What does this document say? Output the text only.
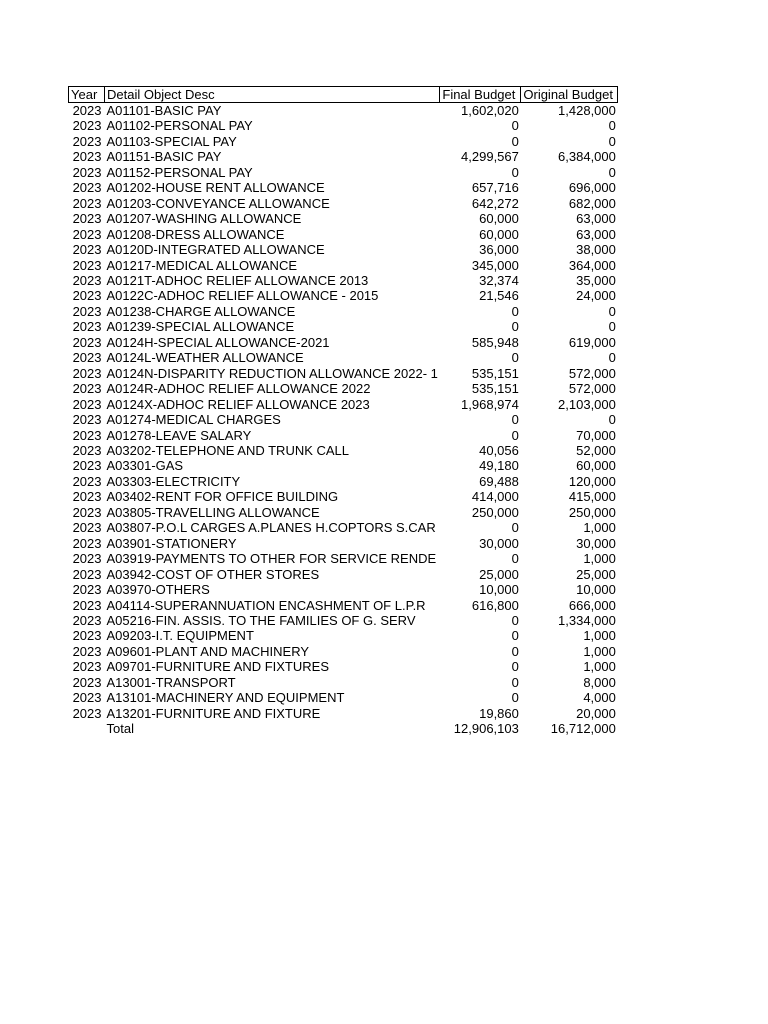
Year	Detail Object Desc	Final Budget	Original Budget
2023	A01101-BASIC PAY	1,602,020	1,428,000
2023	A01102-PERSONAL PAY	0	0
2023	A01103-SPECIAL PAY	0	0
2023	A01151-BASIC PAY	4,299,567	6,384,000
2023	A01152-PERSONAL PAY	0	0
2023	A01202-HOUSE RENT ALLOWANCE	657,716	696,000
2023	A01203-CONVEYANCE ALLOWANCE	642,272	682,000
2023	A01207-WASHING ALLOWANCE	60,000	63,000
2023	A01208-DRESS ALLOWANCE	60,000	63,000
2023	A0120D-INTEGRATED ALLOWANCE	36,000	38,000
2023	A01217-MEDICAL ALLOWANCE	345,000	364,000
2023	A0121T-ADHOC RELIEF ALLOWANCE 2013	32,374	35,000
2023	A0122C-ADHOC RELIEF ALLOWANCE - 2015	21,546	24,000
2023	A01238-CHARGE ALLOWANCE	0	0
2023	A01239-SPECIAL ALLOWANCE	0	0
2023	A0124H-SPECIAL ALLOWANCE-2021	585,948	619,000
2023	A0124L-WEATHER ALLOWANCE	0	0
2023	A0124N-DISPARITY REDUCTION ALLOWANCE 2022- 1	535,151	572,000
2023	A0124R-ADHOC RELIEF ALLOWANCE 2022	535,151	572,000
2023	A0124X-ADHOC RELIEF ALLOWANCE 2023	1,968,974	2,103,000
2023	A01274-MEDICAL CHARGES	0	0
2023	A01278-LEAVE SALARY	0	70,000
2023	A03202-TELEPHONE AND TRUNK CALL	40,056	52,000
2023	A03301-GAS	49,180	60,000
2023	A03303-ELECTRICITY	69,488	120,000
2023	A03402-RENT FOR OFFICE BUILDING	414,000	415,000
2023	A03805-TRAVELLING ALLOWANCE	250,000	250,000
2023	A03807-P.O.L CARGES A.PLANES H.COPTORS S.CAR	0	1,000
2023	A03901-STATIONERY	30,000	30,000
2023	A03919-PAYMENTS TO OTHER FOR SERVICE RENDE	0	1,000
2023	A03942-COST OF OTHER STORES	25,000	25,000
2023	A03970-OTHERS	10,000	10,000
2023	A04114-SUPERANNUATION ENCASHMENT OF L.P.R	616,800	666,000
2023	A05216-FIN. ASSIS. TO THE FAMILIES OF G. SERV	0	1,334,000
2023	A09203-I.T. EQUIPMENT	0	1,000
2023	A09601-PLANT AND MACHINERY	0	1,000
2023	A09701-FURNITURE AND FIXTURES	0	1,000
2023	A13001-TRANSPORT	0	8,000
2023	A13101-MACHINERY AND EQUIPMENT	0	4,000
2023	A13201-FURNITURE AND FIXTURE	19,860	20,000
	Total	12,906,103	16,712,000
